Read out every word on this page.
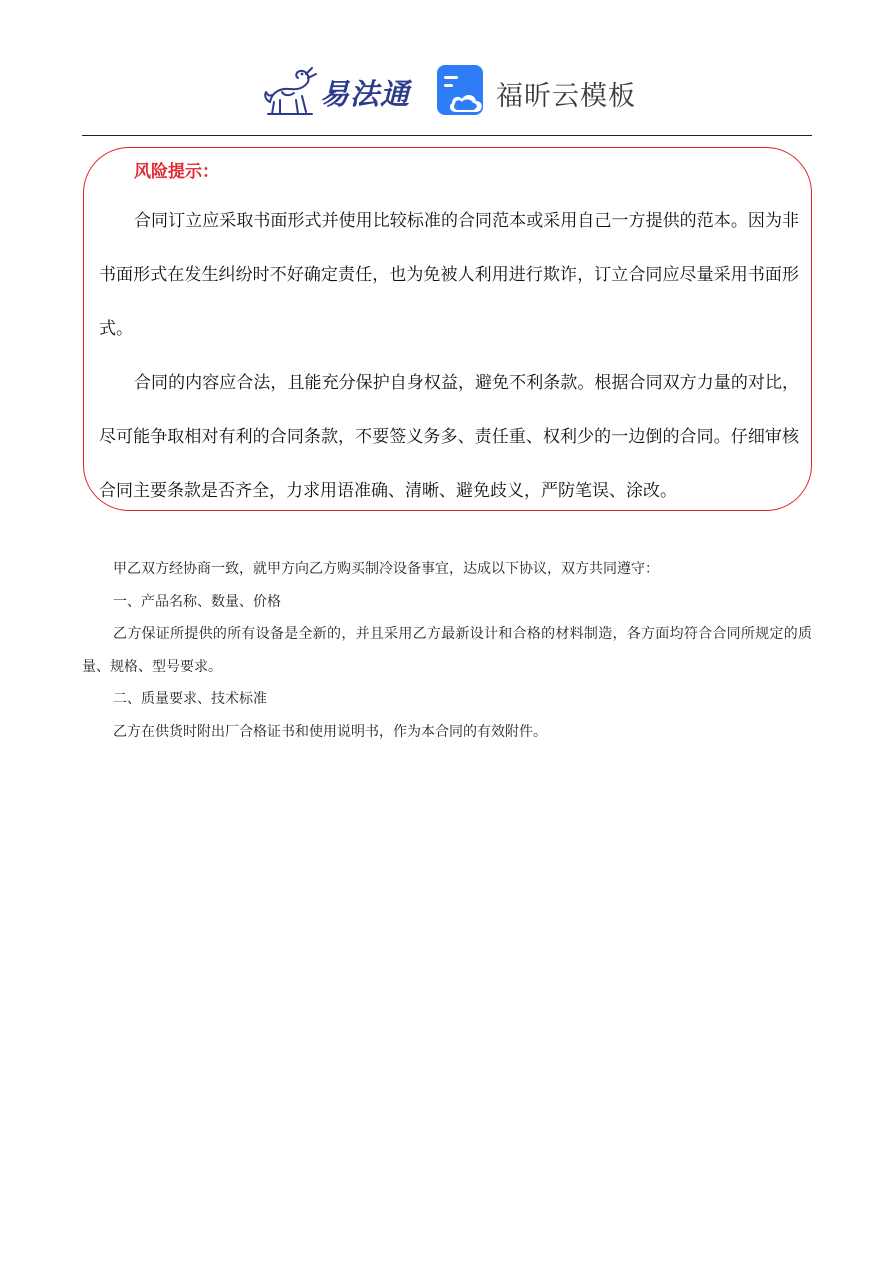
易法通	福昕云模板
风险提示：

合同订立应采取书面形式并使用比较标准的合同范本或采用自己一方提供的范本。因为非书面形式在发生纠纷时不好确定责任，也为免被人利用进行欺诈，订立合同应尽量采用书面形式。

合同的内容应合法，且能充分保护自身权益，避免不利条款。根据合同双方力量的对比，尽可能争取相对有利的合同条款，不要签义务多、责任重、权利少的一边倒的合同。仔细审核合同主要条款是否齐全，力求用语准确、清晰、避免歧义，严防笔误、涂改。

甲乙双方经协商一致，就甲方向乙方购买制冷设备事宜，达成以下协议，双方共同遵守：

一、产品名称、数量、价格

乙方保证所提供的所有设备是全新的，并且采用乙方最新设计和合格的材料制造，各方面均符合合同所规定的质量、规格、型号要求。

二、质量要求、技术标准

乙方在供货时附出厂合格证书和使用说明书，作为本合同的有效附件。
